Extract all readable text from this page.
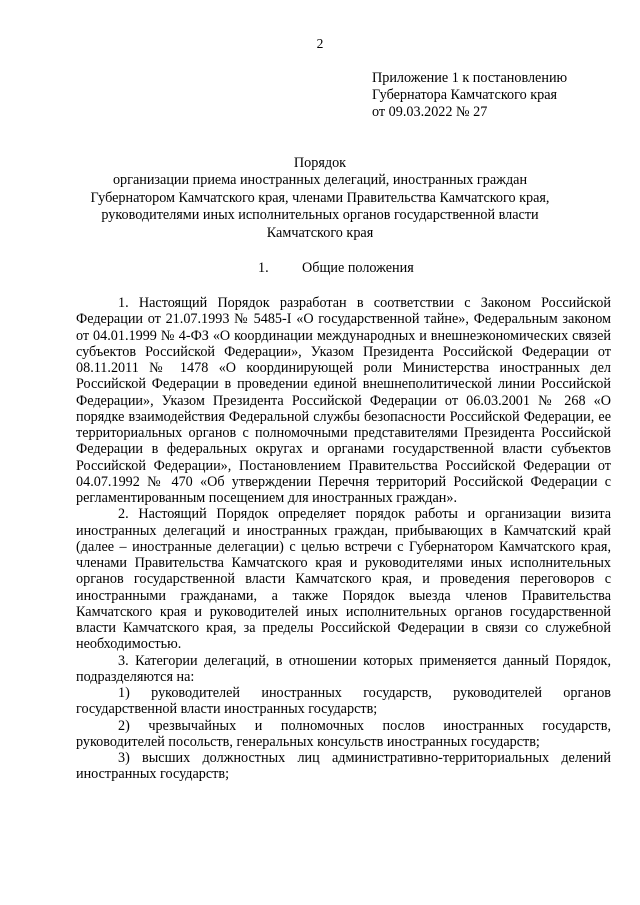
2
Приложение 1 к постановлению
Губернатора Камчатского края
от 09.03.2022 № 27
Порядок
организации приема иностранных делегаций, иностранных граждан
Губернатором Камчатского края, членами Правительства Камчатского края,
руководителями иных исполнительных органов государственной власти
Камчатского края
1.	Общие положения

1. Настоящий Порядок разработан в соответствии с Законом Российской Федерации от 21.07.1993 № 5485-I «О государственной тайне», Федеральным законом от 04.01.1999 № 4-ФЗ «О координации международных и внешнеэкономических связей субъектов Российской Федерации», Указом Президента Российской Федерации от 08.11.2011 № 1478 «О координирующей роли Министерства иностранных дел Российской Федерации в проведении единой внешнеполитической линии Российской Федерации», Указом Президента Российской Федерации от 06.03.2001 № 268 «О порядке взаимодействия Федеральной службы безопасности Российской Федерации, ее территориальных органов с полномочными представителями Президента Российской Федерации в федеральных округах и органами государственной власти субъектов Российской Федерации», Постановлением Правительства Российской Федерации от 04.07.1992 № 470 «Об утверждении Перечня территорий Российской Федерации с регламентированным посещением для иностранных граждан».

2. Настоящий Порядок определяет порядок работы и организации визита иностранных делегаций и иностранных граждан, прибывающих в Камчатский край (далее – иностранные делегации) с целью встречи с Губернатором Камчатского края, членами Правительства Камчатского края и руководителями иных исполнительных органов государственной власти Камчатского края, и проведения переговоров с иностранными гражданами, а также Порядок выезда членов Правительства Камчатского края и руководителей иных исполнительных органов государственной власти Камчатского края, за пределы Российской Федерации в связи со служебной необходимостью.

3. Категории делегаций, в отношении которых применяется данный Порядок, подразделяются на:

1) руководителей иностранных государств, руководителей органов государственной власти иностранных государств;

2) чрезвычайных и полномочных послов иностранных государств, руководителей посольств, генеральных консульств иностранных государств;

3) высших должностных лиц административно-территориальных делений иностранных государств;
